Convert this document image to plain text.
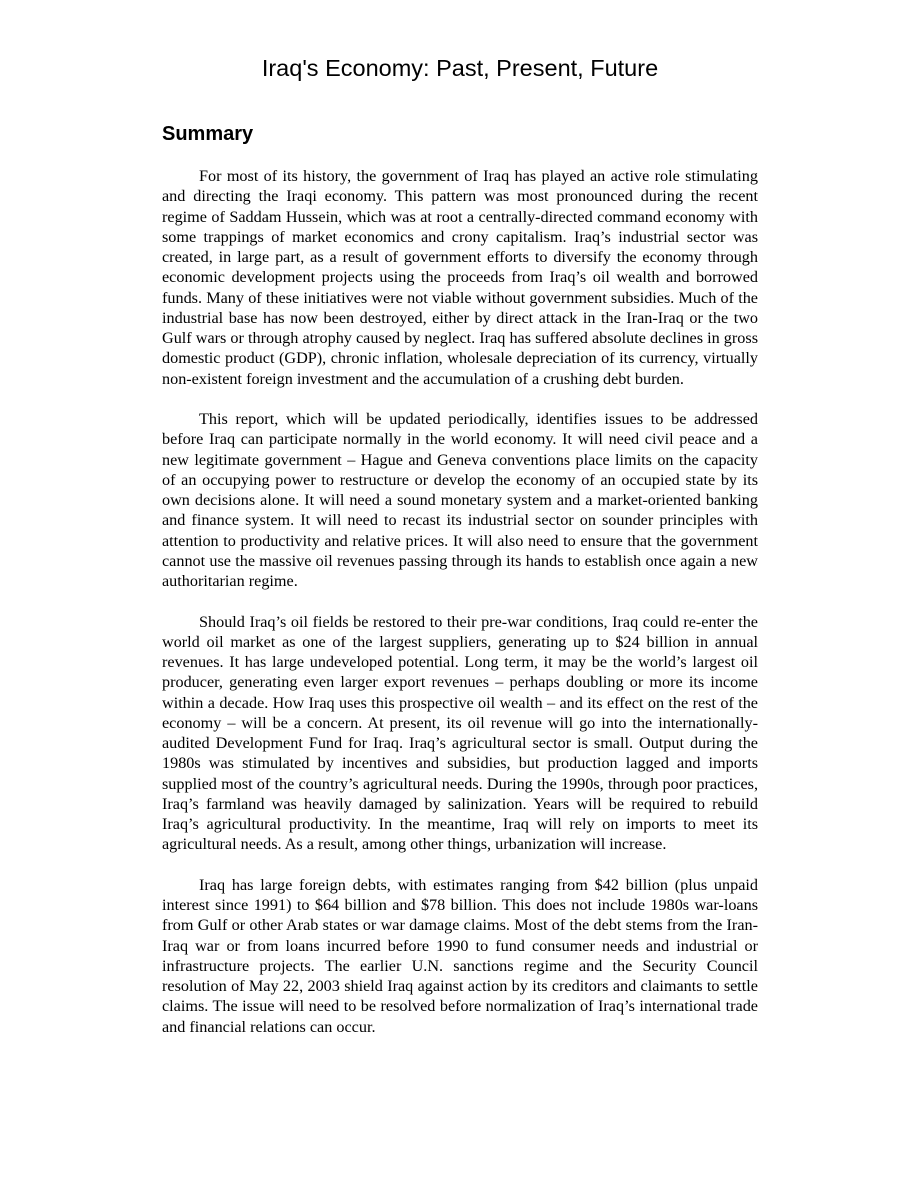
Iraq's Economy: Past, Present, Future
Summary

For most of its history, the government of Iraq has played an active role stimulating and directing the Iraqi economy. This pattern was most pronounced during the recent regime of Saddam Hussein, which was at root a centrally-directed command economy with some trappings of market economics and crony capitalism. Iraq’s industrial sector was created, in large part, as a result of government efforts to diversify the economy through economic development projects using the proceeds from Iraq’s oil wealth and borrowed funds. Many of these initiatives were not viable without government subsidies. Much of the industrial base has now been destroyed, either by direct attack in the Iran-Iraq or the two Gulf wars or through atrophy caused by neglect. Iraq has suffered absolute declines in gross domestic product (GDP), chronic inflation, wholesale depreciation of its currency, virtually non-existent foreign investment and the accumulation of a crushing debt burden.

This report, which will be updated periodically, identifies issues to be addressed before Iraq can participate normally in the world economy. It will need civil peace and a new legitimate government – Hague and Geneva conventions place limits on the capacity of an occupying power to restructure or develop the economy of an occupied state by its own decisions alone. It will need a sound monetary system and a market-oriented banking and finance system. It will need to recast its industrial sector on sounder principles with attention to productivity and relative prices. It will also need to ensure that the government cannot use the massive oil revenues passing through its hands to establish once again a new authoritarian regime.

Should Iraq’s oil fields be restored to their pre-war conditions, Iraq could re-enter the world oil market as one of the largest suppliers, generating up to $24 billion in annual revenues. It has large undeveloped potential. Long term, it may be the world’s largest oil producer, generating even larger export revenues – perhaps doubling or more its income within a decade. How Iraq uses this prospective oil wealth – and its effect on the rest of the economy – will be a concern. At present, its oil revenue will go into the internationally-audited Development Fund for Iraq. Iraq’s agricultural sector is small. Output during the 1980s was stimulated by incentives and subsidies, but production lagged and imports supplied most of the country’s agricultural needs. During the 1990s, through poor practices, Iraq’s farmland was heavily damaged by salinization. Years will be required to rebuild Iraq’s agricultural productivity. In the meantime, Iraq will rely on imports to meet its agricultural needs. As a result, among other things, urbanization will increase.

Iraq has large foreign debts, with estimates ranging from $42 billion (plus unpaid interest since 1991) to $64 billion and $78 billion. This does not include 1980s war-loans from Gulf or other Arab states or war damage claims. Most of the debt stems from the Iran-Iraq war or from loans incurred before 1990 to fund consumer needs and industrial or infrastructure projects. The earlier U.N. sanctions regime and the Security Council resolution of May 22, 2003 shield Iraq against action by its creditors and claimants to settle claims. The issue will need to be resolved before normalization of Iraq’s international trade and financial relations can occur.
